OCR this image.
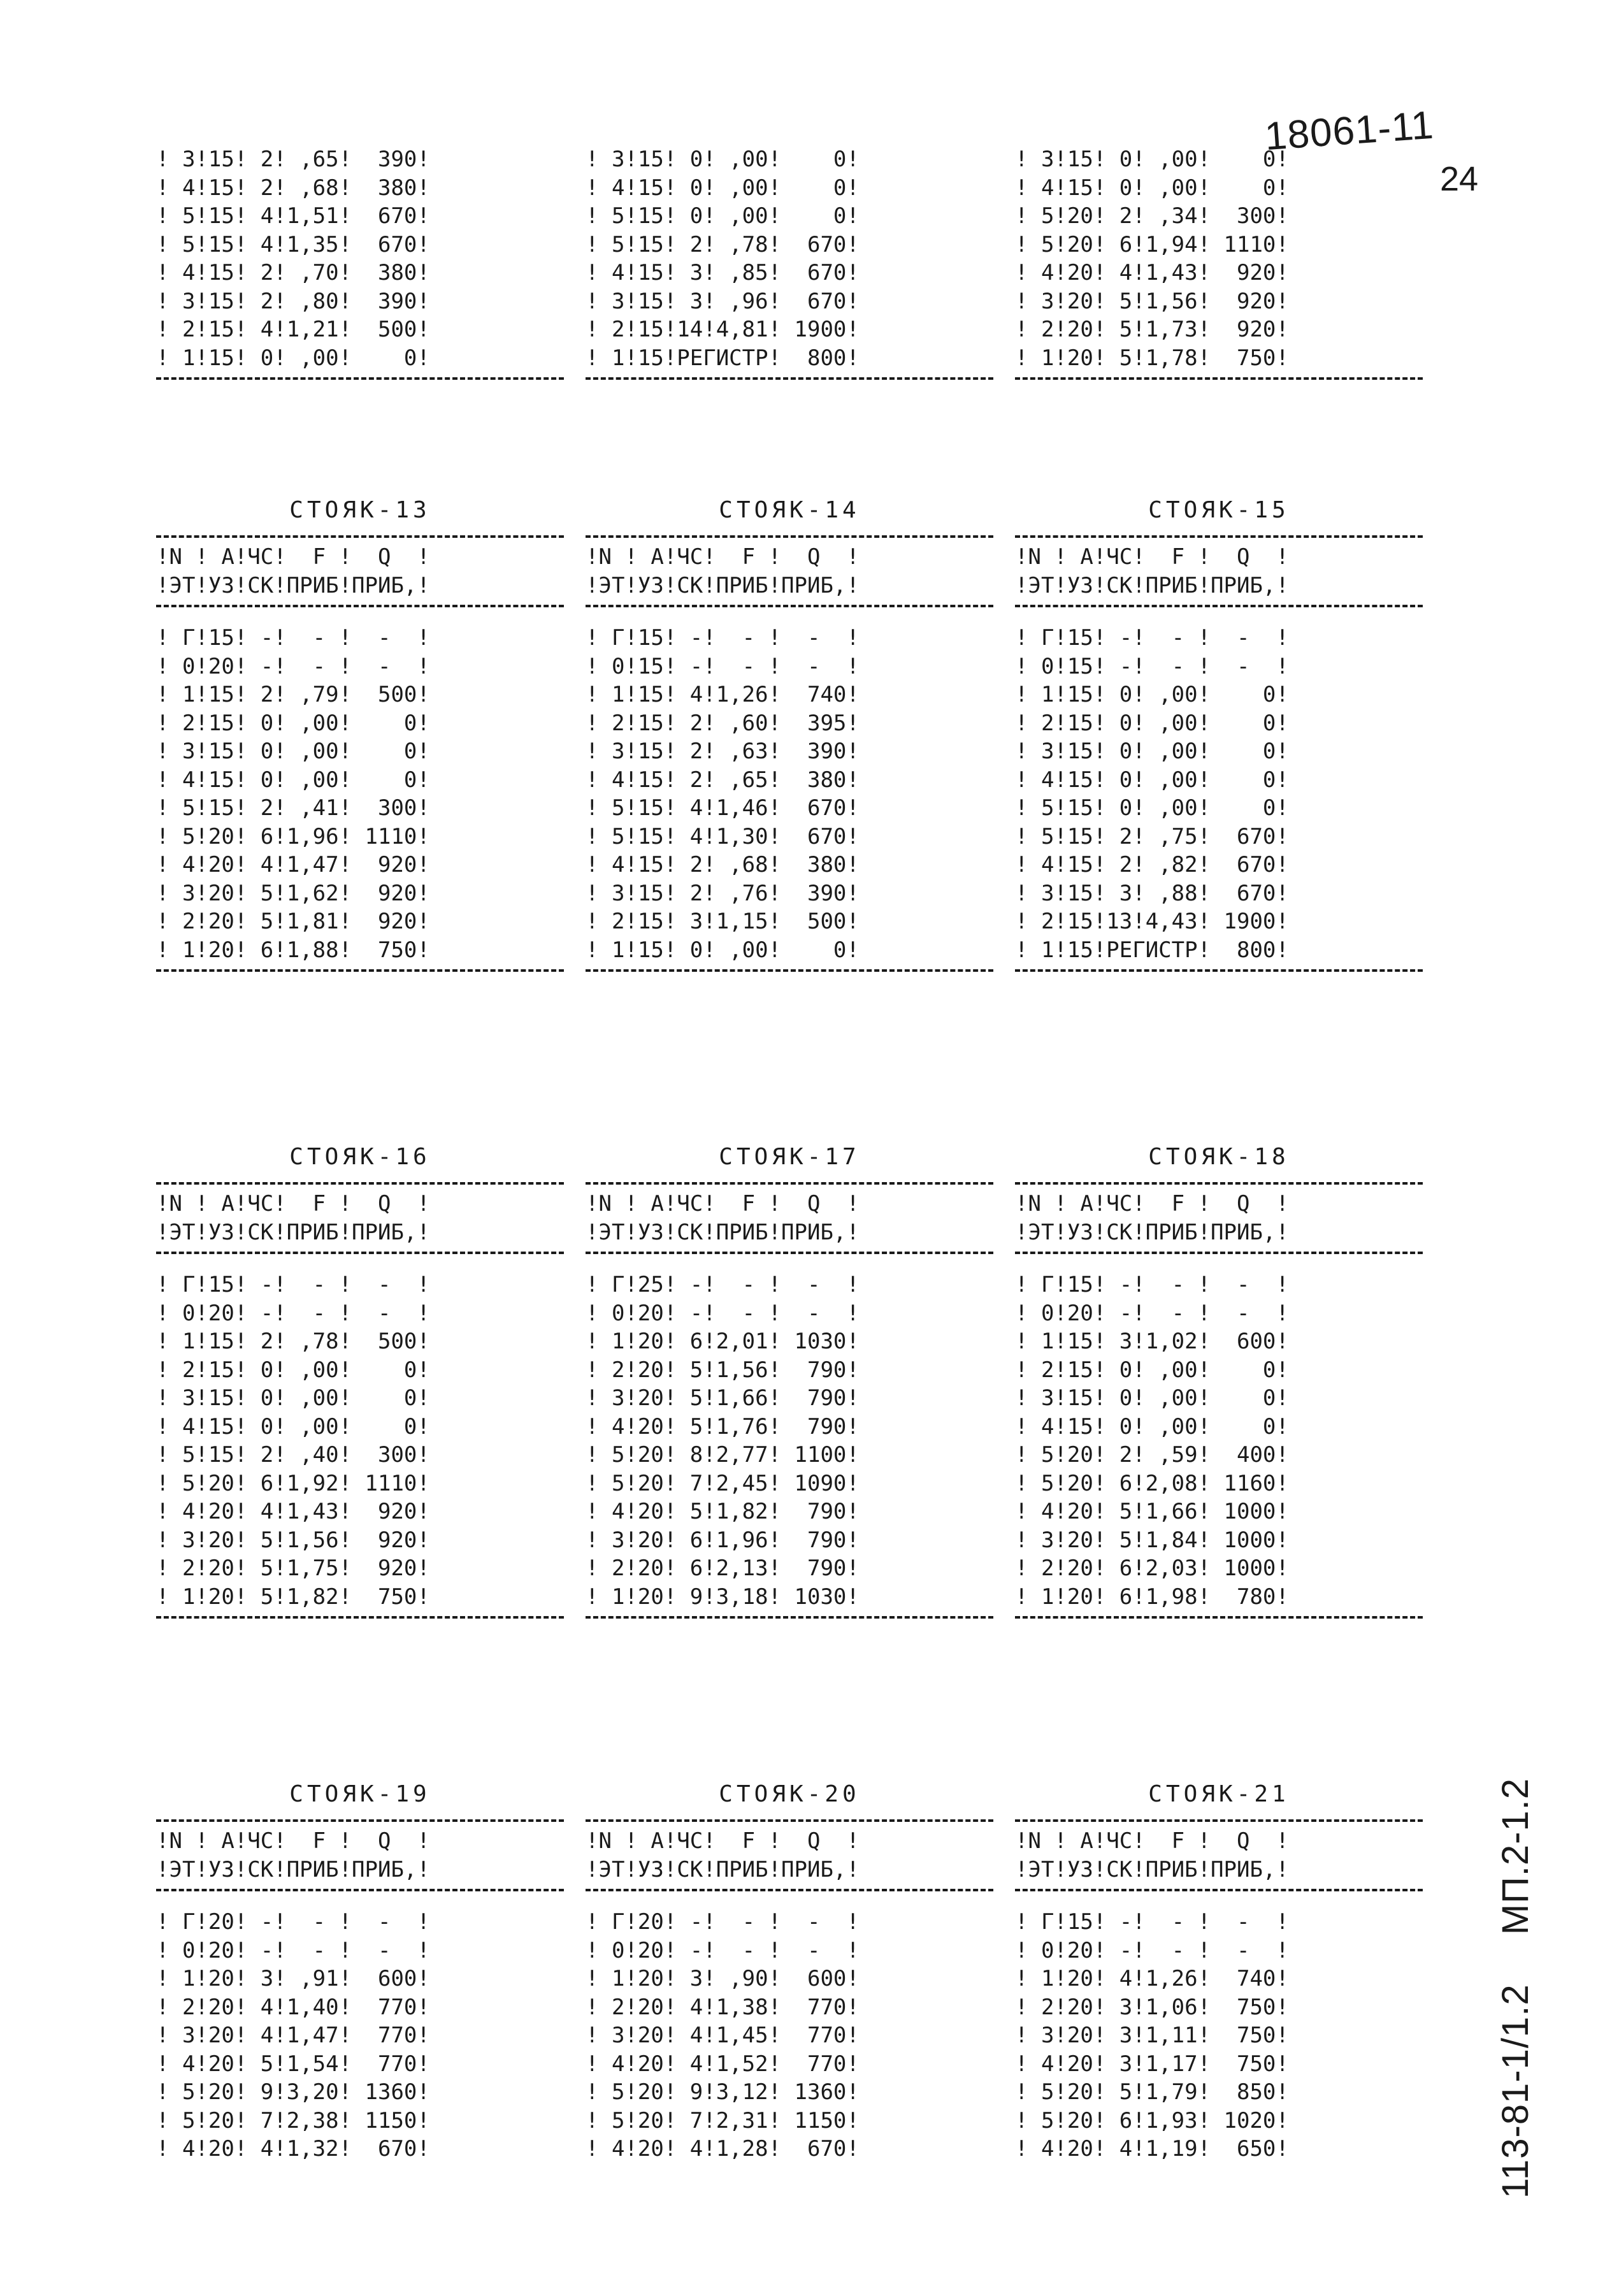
18061-11
24
113-81-1/1.2 МП.2-1.2
! 3!15! 2! ,65!  390!
! 4!15! 2! ,68!  380!
! 5!15! 4!1,51!  670!
! 5!15! 4!1,35!  670!
! 4!15! 2! ,70!  380!
! 3!15! 2! ,80!  390!
! 2!15! 4!1,21!  500!
! 1!15! 0! ,00!    0!
! 3!15! 0! ,00!    0!
! 4!15! 0! ,00!    0!
! 5!15! 0! ,00!    0!
! 5!15! 2! ,78!  670!
! 4!15! 3! ,85!  670!
! 3!15! 3! ,96!  670!
! 2!15!14!4,81! 1900!
! 1!15!РЕГИСТР!  800!
! 3!15! 0! ,00!    0!
! 4!15! 0! ,00!    0!
! 5!20! 2! ,34!  300!
! 5!20! 6!1,94! 1110!
! 4!20! 4!1,43!  920!
! 3!20! 5!1,56!  920!
! 2!20! 5!1,73!  920!
! 1!20! 5!1,78!  750!
СТОЯК-13
!N ! А!ЧС!  F !  Q  !
!ЭТ!УЗ!СК!ПРИБ!ПРИБ,!
! Г!15! -!  - !  -  !
! 0!20! -!  - !  -  !
! 1!15! 2! ,79!  500!
! 2!15! 0! ,00!    0!
! 3!15! 0! ,00!    0!
! 4!15! 0! ,00!    0!
! 5!15! 2! ,41!  300!
! 5!20! 6!1,96! 1110!
! 4!20! 4!1,47!  920!
! 3!20! 5!1,62!  920!
! 2!20! 5!1,81!  920!
! 1!20! 6!1,88!  750!
СТОЯК-14
!N ! А!ЧС!  F !  Q  !
!ЭТ!УЗ!СК!ПРИБ!ПРИБ,!
! Г!15! -!  - !  -  !
! 0!15! -!  - !  -  !
! 1!15! 4!1,26!  740!
! 2!15! 2! ,60!  395!
! 3!15! 2! ,63!  390!
! 4!15! 2! ,65!  380!
! 5!15! 4!1,46!  670!
! 5!15! 4!1,30!  670!
! 4!15! 2! ,68!  380!
! 3!15! 2! ,76!  390!
! 2!15! 3!1,15!  500!
! 1!15! 0! ,00!    0!
СТОЯК-15
!N ! А!ЧС!  F !  Q  !
!ЭТ!УЗ!СК!ПРИБ!ПРИБ,!
! Г!15! -!  - !  -  !
! 0!15! -!  - !  -  !
! 1!15! 0! ,00!    0!
! 2!15! 0! ,00!    0!
! 3!15! 0! ,00!    0!
! 4!15! 0! ,00!    0!
! 5!15! 0! ,00!    0!
! 5!15! 2! ,75!  670!
! 4!15! 2! ,82!  670!
! 3!15! 3! ,88!  670!
! 2!15!13!4,43! 1900!
! 1!15!РЕГИСТР!  800!
СТОЯК-16
!N ! А!ЧС!  F !  Q  !
!ЭТ!УЗ!СК!ПРИБ!ПРИБ,!
! Г!15! -!  - !  -  !
! 0!20! -!  - !  -  !
! 1!15! 2! ,78!  500!
! 2!15! 0! ,00!    0!
! 3!15! 0! ,00!    0!
! 4!15! 0! ,00!    0!
! 5!15! 2! ,40!  300!
! 5!20! 6!1,92! 1110!
! 4!20! 4!1,43!  920!
! 3!20! 5!1,56!  920!
! 2!20! 5!1,75!  920!
! 1!20! 5!1,82!  750!
СТОЯК-17
!N ! А!ЧС!  F !  Q  !
!ЭТ!УЗ!СК!ПРИБ!ПРИБ,!
! Г!25! -!  - !  -  !
! 0!20! -!  - !  -  !
! 1!20! 6!2,01! 1030!
! 2!20! 5!1,56!  790!
! 3!20! 5!1,66!  790!
! 4!20! 5!1,76!  790!
! 5!20! 8!2,77! 1100!
! 5!20! 7!2,45! 1090!
! 4!20! 5!1,82!  790!
! 3!20! 6!1,96!  790!
! 2!20! 6!2,13!  790!
! 1!20! 9!3,18! 1030!
СТОЯК-18
!N ! А!ЧС!  F !  Q  !
!ЭТ!УЗ!СК!ПРИБ!ПРИБ,!
! Г!15! -!  - !  -  !
! 0!20! -!  - !  -  !
! 1!15! 3!1,02!  600!
! 2!15! 0! ,00!    0!
! 3!15! 0! ,00!    0!
! 4!15! 0! ,00!    0!
! 5!20! 2! ,59!  400!
! 5!20! 6!2,08! 1160!
! 4!20! 5!1,66! 1000!
! 3!20! 5!1,84! 1000!
! 2!20! 6!2,03! 1000!
! 1!20! 6!1,98!  780!
СТОЯК-19
!N ! А!ЧС!  F !  Q  !
!ЭТ!УЗ!СК!ПРИБ!ПРИБ,!
! Г!20! -!  - !  -  !
! 0!20! -!  - !  -  !
! 1!20! 3! ,91!  600!
! 2!20! 4!1,40!  770!
! 3!20! 4!1,47!  770!
! 4!20! 5!1,54!  770!
! 5!20! 9!3,20! 1360!
! 5!20! 7!2,38! 1150!
! 4!20! 4!1,32!  670!
СТОЯК-20
!N ! А!ЧС!  F !  Q  !
!ЭТ!УЗ!СК!ПРИБ!ПРИБ,!
! Г!20! -!  - !  -  !
! 0!20! -!  - !  -  !
! 1!20! 3! ,90!  600!
! 2!20! 4!1,38!  770!
! 3!20! 4!1,45!  770!
! 4!20! 4!1,52!  770!
! 5!20! 9!3,12! 1360!
! 5!20! 7!2,31! 1150!
! 4!20! 4!1,28!  670!
СТОЯК-21
!N ! А!ЧС!  F !  Q  !
!ЭТ!УЗ!СК!ПРИБ!ПРИБ,!
! Г!15! -!  - !  -  !
! 0!20! -!  - !  -  !
! 1!20! 4!1,26!  740!
! 2!20! 3!1,06!  750!
! 3!20! 3!1,11!  750!
! 4!20! 3!1,17!  750!
! 5!20! 5!1,79!  850!
! 5!20! 6!1,93! 1020!
! 4!20! 4!1,19!  650!
